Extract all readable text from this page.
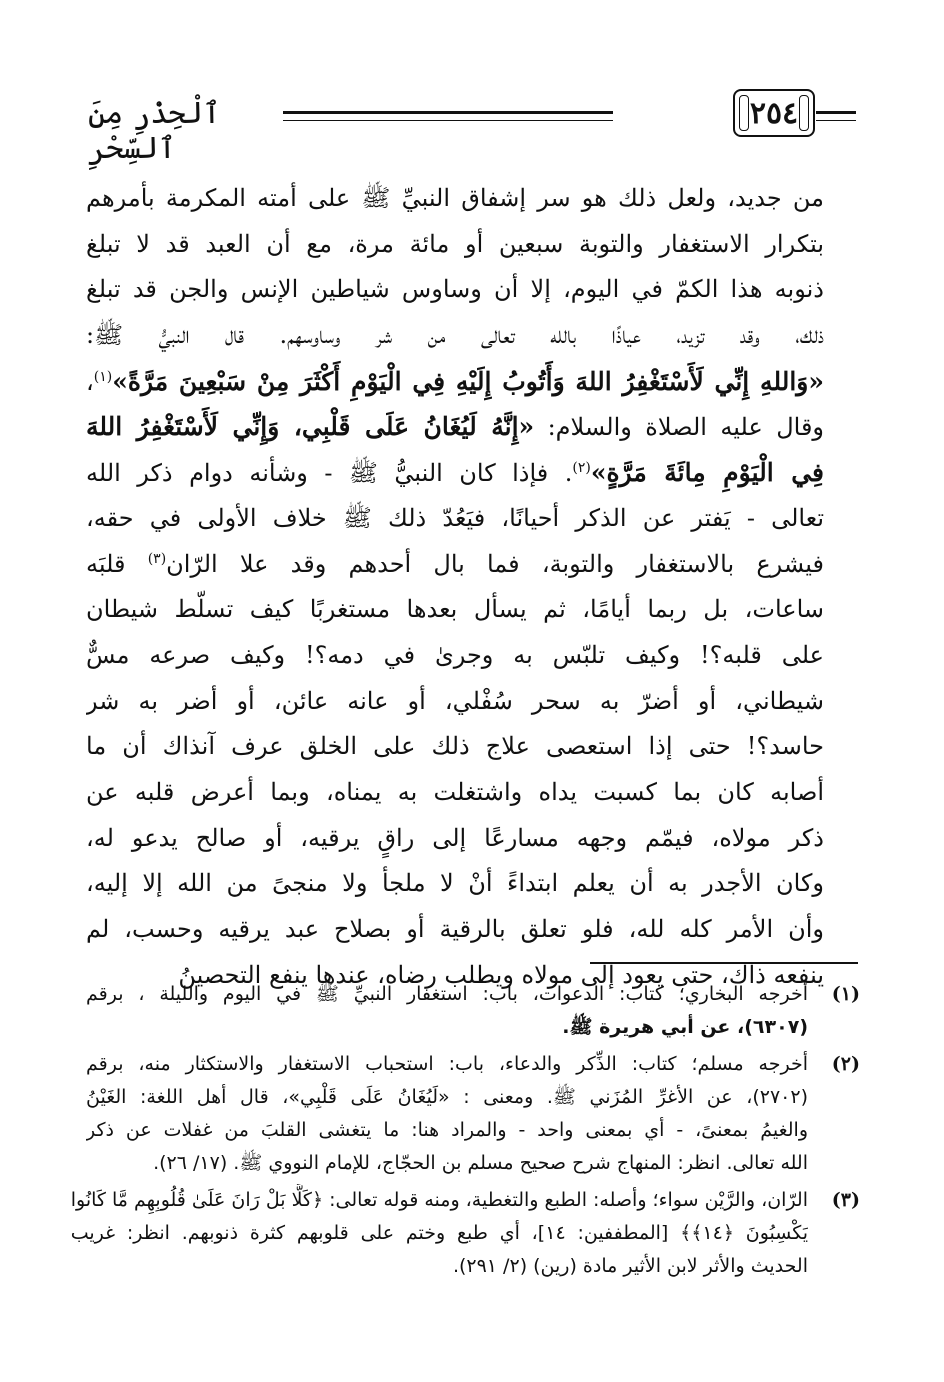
٢٥٤
ٱلْحِذْرِ مِنَ ٱلسِّحْرِ
من جديد، ولعل ذلك هو سر إشفاق النبيِّ ﷺ على أمته المكرمة بأمرهم
بتكرار الاستغفار والتوبة سبعين أو مائة مرة، مع أن العبد قد لا تبلغ
ذنوبه هذا الكمّ في اليوم، إلا أن وساوس شياطين الإنس والجن قد تبلغ
ذلك، وقد تزيد، عياذًا بالله تعالى من شر وساوسهم. قال النبيُّ ﷺ:
«وَاللهِ إِنِّي لَأَسْتَغْفِرُ اللهَ وَأَتُوبُ إِلَيْهِ فِي الْيَوْمِ أَكْثَرَ مِنْ سَبْعِينَ مَرَّةً»$^{(١)}$،
وقال عليه الصلاة والسلام: «إِنَّهُ لَيُغَانُ عَلَى قَلْبِي، وَإِنِّي لَأَسْتَغْفِرُ اللهَ
فِي الْيَوْمِ مِائَةَ مَرَّةٍ»$^{(٢)}$. فإذا كان النبيُّ ﷺ - وشأنه دوام ذكر الله
تعالى - يَفتر عن الذكر أحيانًا، فيَعُدّ ذلك ﷺ خلاف الأولى في حقه،
فيشرع بالاستغفار والتوبة، فما بال أحدهم وقد علا الرّان$^{(٣)}$ قلبَه
ساعات، بل ربما أيامًا، ثم يسأل بعدها مستغربًا كيف تسلّط شيطان
على قلبه؟! وكيف تلبّس به وجرىٰ في دمه؟! وكيف صرعه مسٌّ
شيطاني، أو أضرّ به سحر سُفْلي، أو عانه عائن، أو أضر به شر
حاسد؟! حتى إذا استعصى علاج ذلك على الخلق عرف آنذاك أن ما
أصابه كان بما كسبت يداه واشتغلت به يمناه، وبما أعرض قلبه عن
ذكر مولاه، فيمّم وجهه مسارعًا إلى راقٍ يرقيه، أو صالح يدعو له،
وكان الأجدر به أن يعلم ابتداءً أنْ لا ملجأ ولا منجىً من الله إلا إليه،
وأن الأمر كله لله، فلو تعلق بالرقية أو بصلاح عبد يرقيه وحسب، لم
ينفعه ذاك، حتى يعود إلى مولاه ويطلب رضاه، عندها ينفع التحصينُ
(١)
أخرجه البخاري؛ كتاب: الدعوات، باب: استغفار النبيِّ ﷺ في اليوم والليلة ، برقم
(٦٣٠٧)، عن أبي هريرة ﷺ.
(٢)
أخرجه مسلم؛ كتاب: الذِّكر والدعاء، باب: استحباب الاستغفار والاستكثار منه، برقم
(٢٧٠٢)، عن الأغرِّ المُزَني ﷺ. ومعنى : «لَيُغَانُ عَلَى قَلْبِي»، قال أهل اللغة: الغَيْنُ
والغيمُ بمعنىً، - أي بمعنى واحد - والمراد هنا: ما يتغشى القلبَ من غفلات عن ذكر
الله تعالى. انظر: المنهاج شرح صحيح مسلم بن الحجّاج، للإمام النووي ﷺ. (١٧/ ٢٦).
(٣)
الرّان، والرَّيْن سواء؛ وأصله: الطبع والتغطية، ومنه قوله تعالى: ﴿كَلَّا بَلْ رَانَ عَلَىٰ قُلُوبِهِم مَّا كَانُوا
يَكْسِبُونَ ﴿١٤﴾﴾ [المطففين: ١٤]، أي طبع وختم على قلوبهم كثرة ذنوبهم. انظر: غريب
الحديث والأثر لابن الأثير مادة (رين) (٢/ ٢٩١).
